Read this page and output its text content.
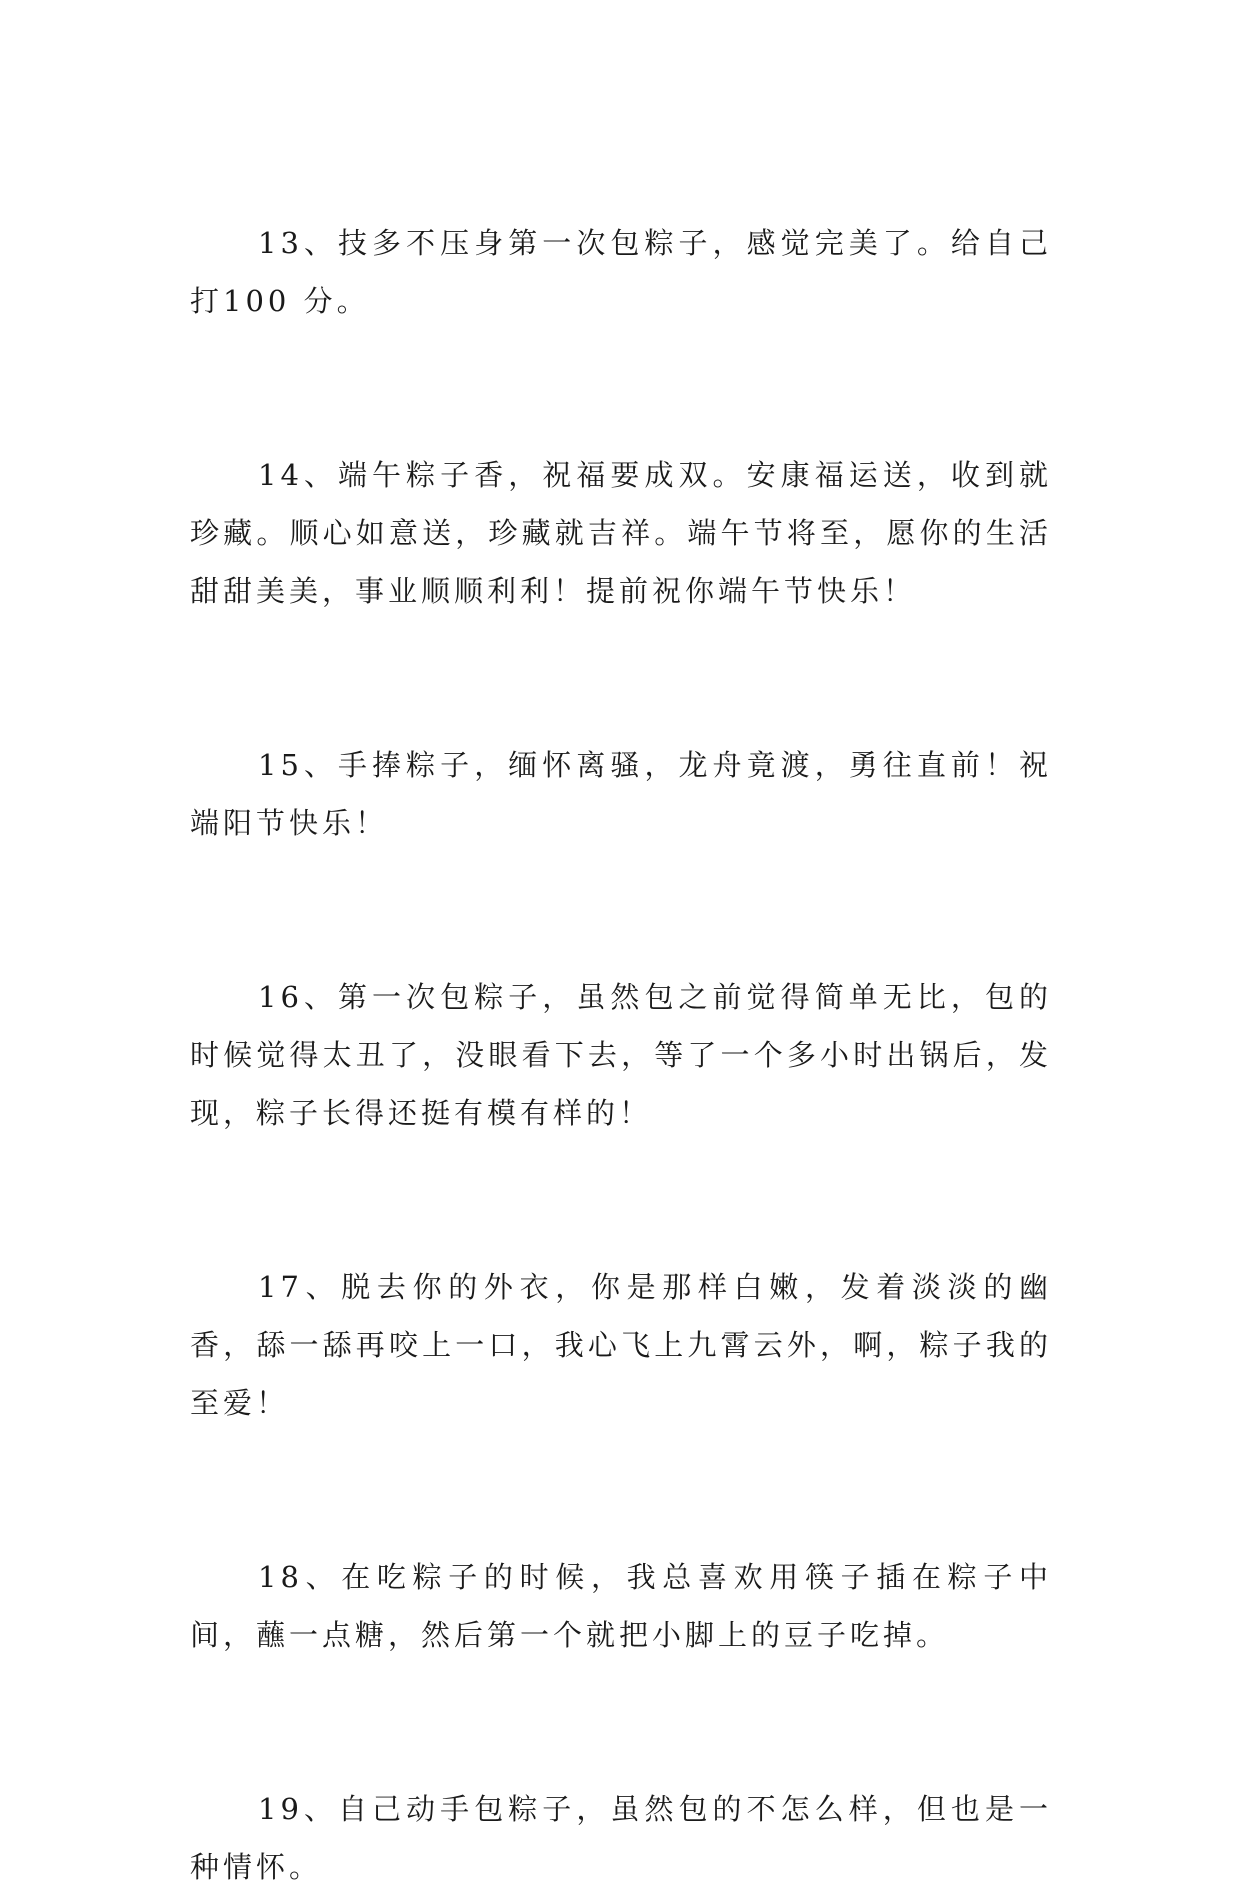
13、技多不压身第一次包粽子，感觉完美了。给自己打100 分。

14、端午粽子香，祝福要成双。安康福运送，收到就珍藏。顺心如意送，珍藏就吉祥。端午节将至，愿你的生活甜甜美美，事业顺顺利利！提前祝你端午节快乐！

15、手捧粽子，缅怀离骚，龙舟竟渡，勇往直前！祝端阳节快乐！

16、第一次包粽子，虽然包之前觉得简单无比，包的时候觉得太丑了，没眼看下去，等了一个多小时出锅后，发现，粽子长得还挺有模有样的！

17、脱去你的外衣，你是那样白嫩，发着淡淡的幽香，舔一舔再咬上一口，我心飞上九霄云外，啊，粽子我的至爱！

18、在吃粽子的时候，我总喜欢用筷子插在粽子中间，蘸一点糖，然后第一个就把小脚上的豆子吃掉。

19、自己动手包粽子，虽然包的不怎么样，但也是一种情怀。
